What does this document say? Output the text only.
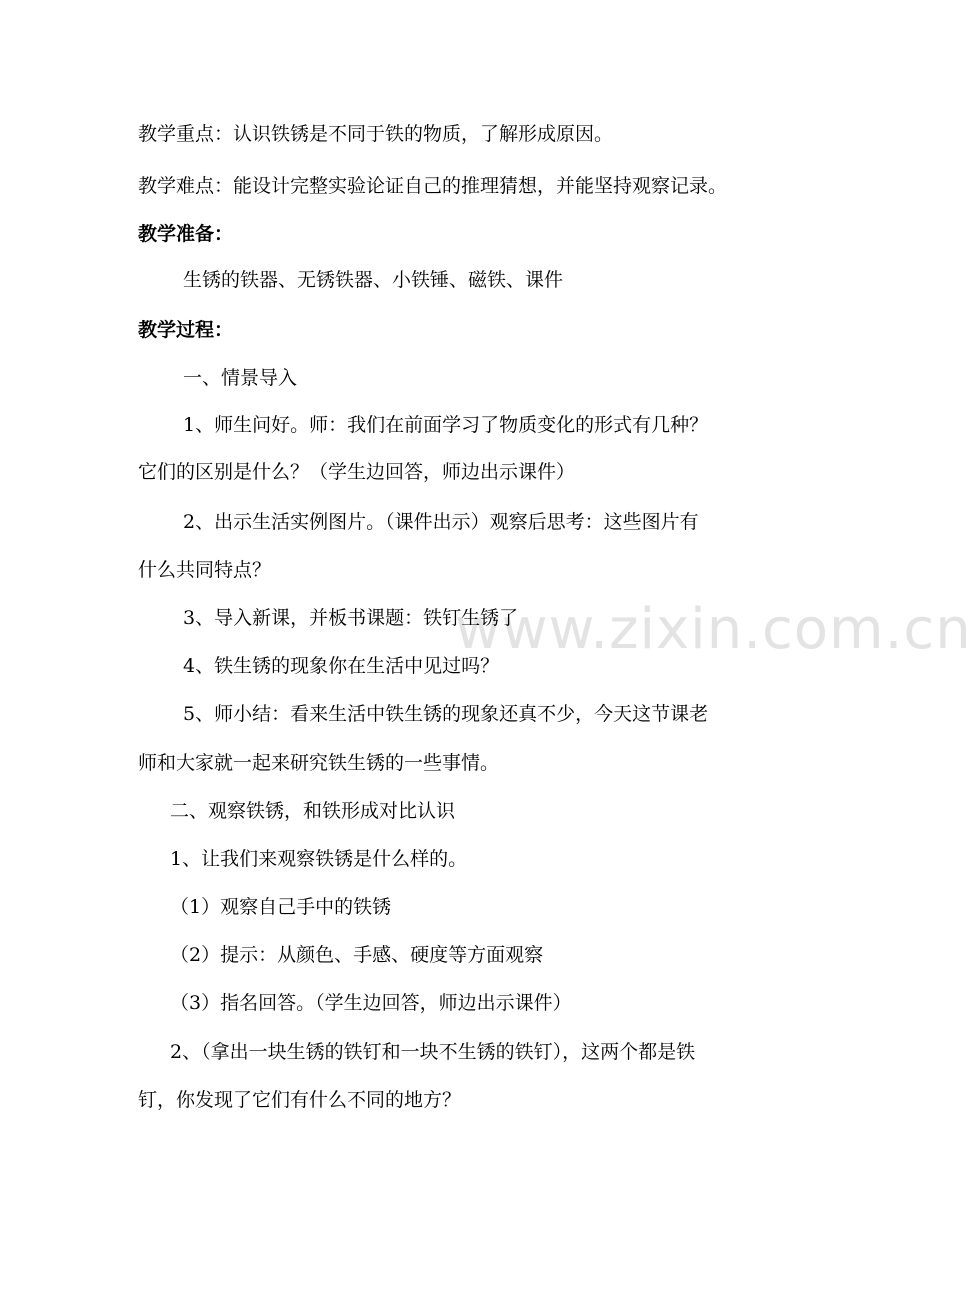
www.zixin.com.cn
教学重点：认识铁锈是不同于铁的物质，了解形成原因。
教学难点：能设计完整实验论证自己的推理猜想，并能坚持观察记录。
教学准备：
生锈的铁器、无锈铁器、小铁锤、磁铁、课件
教学过程：
一、情景导入
1、师生问好。师：我们在前面学习了物质变化的形式有几种？
它们的区别是什么？（学生边回答，师边出示课件）
2、出示生活实例图片。（课件出示）观察后思考：这些图片有
什么共同特点？
3、导入新课，并板书课题：铁钉生锈了
4、铁生锈的现象你在生活中见过吗？
5、师小结：看来生活中铁生锈的现象还真不少，今天这节课老
师和大家就一起来研究铁生锈的一些事情。
二、观察铁锈，和铁形成对比认识
1、让我们来观察铁锈是什么样的。
（1）观察自己手中的铁锈
（2）提示：从颜色、手感、硬度等方面观察
（3）指名回答。（学生边回答，师边出示课件）
2、（拿出一块生锈的铁钉和一块不生锈的铁钉），这两个都是铁
钉，你发现了它们有什么不同的地方？
